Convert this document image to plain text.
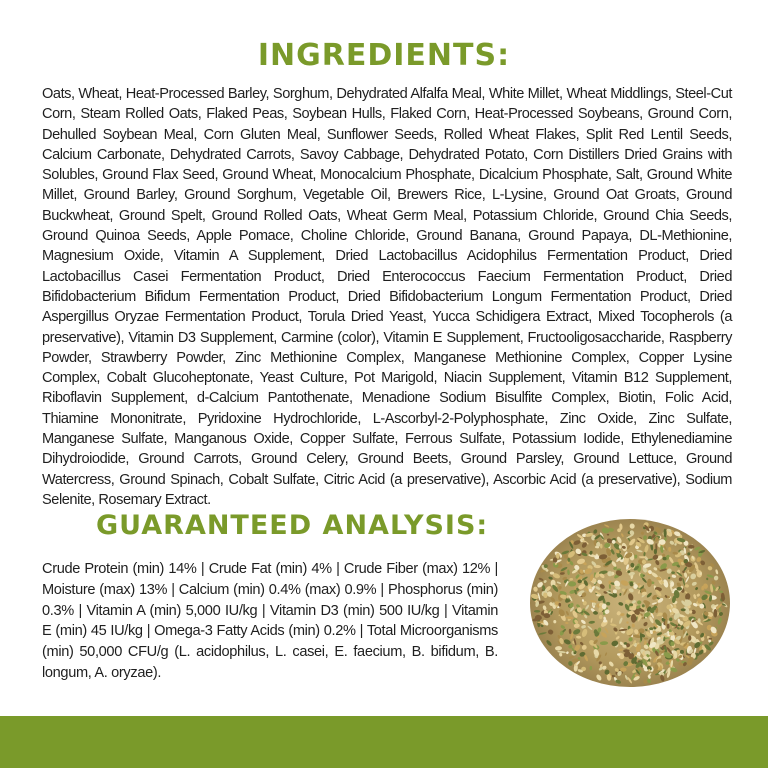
INGREDIENTS:

Oats, Wheat, Heat-Processed Barley, Sorghum, Dehydrated Alfalfa Meal, White Millet, Wheat Middlings, Steel-Cut Corn, Steam Rolled Oats, Flaked Peas, Soybean Hulls, Flaked Corn, Heat-Processed Soybeans, Ground Corn, Dehulled Soybean Meal, Corn Gluten Meal, Sunflower Seeds, Rolled Wheat Flakes, Split Red Lentil Seeds, Calcium Carbonate, Dehydrated Carrots, Savoy Cabbage, Dehydrated Potato, Corn Distillers Dried Grains with Solubles, Ground Flax Seed, Ground Wheat, Monocalcium Phosphate, Dicalcium Phosphate, Salt, Ground White Millet, Ground Barley, Ground Sorghum, Vegetable Oil, Brewers Rice, L-Lysine, Ground Oat Groats, Ground Buckwheat, Ground Spelt, Ground Rolled Oats, Wheat Germ Meal, Potassium Chloride, Ground Chia Seeds, Ground Quinoa Seeds, Apple Pomace, Choline Chloride, Ground Banana, Ground Papaya, DL-Methionine, Magnesium Oxide, Vitamin A Supplement, Dried Lactobacillus Acidophilus Fermentation Product, Dried Lactobacillus Casei Fermentation Product, Dried Enterococcus Faecium Fermentation Product, Dried Bifidobacterium Bifidum Fermentation Product, Dried Bifidobacterium Longum Fermentation Product, Dried Aspergillus Oryzae Fermentation Product, Torula Dried Yeast, Yucca Schidigera Extract, Mixed Tocopherols (a preservative), Vitamin D3 Supplement, Carmine (color), Vitamin E Supplement, Fructooligosaccharide, Raspberry Powder, Strawberry Powder, Zinc Methionine Complex, Manganese Methionine Complex, Copper Lysine Complex, Cobalt Glucoheptonate, Yeast Culture, Pot Marigold, Niacin Supplement, Vitamin B12 Supplement, Riboflavin Supplement, d-Calcium Pantothenate, Menadione Sodium Bisulfite Complex, Biotin, Folic Acid, Thiamine Mononitrate, Pyridoxine Hydrochloride, L-Ascorbyl-2-Polyphosphate, Zinc Oxide, Zinc Sulfate, Manganese Sulfate, Manganous Oxide, Copper Sulfate, Ferrous Sulfate, Potassium Iodide, Ethylenediamine Dihydroiodide, Ground Carrots, Ground Celery, Ground Beets, Ground Parsley, Ground Lettuce, Ground Watercress, Ground Spinach, Cobalt Sulfate, Citric Acid (a preservative), Ascorbic Acid (a preservative), Sodium Selenite, Rosemary Extract.

GUARANTEED ANALYSIS:

Crude Protein (min) 14% | Crude Fat (min) 4% | Crude Fiber (max) 12% | Moisture (max) 13% | Calcium (min) 0.4% (max) 0.9% | Phosphorus (min) 0.3% | Vitamin A (min) 5,000 IU/kg | Vitamin D3 (min) 500 IU/kg | Vitamin E (min) 45 IU/kg | Omega-3 Fatty Acids (min) 0.2% | Total Microorganisms (min) 50,000 CFU/g (L. acidophilus, L. casei, E. faecium, B. bifidum, B. longum, A. oryzae).
